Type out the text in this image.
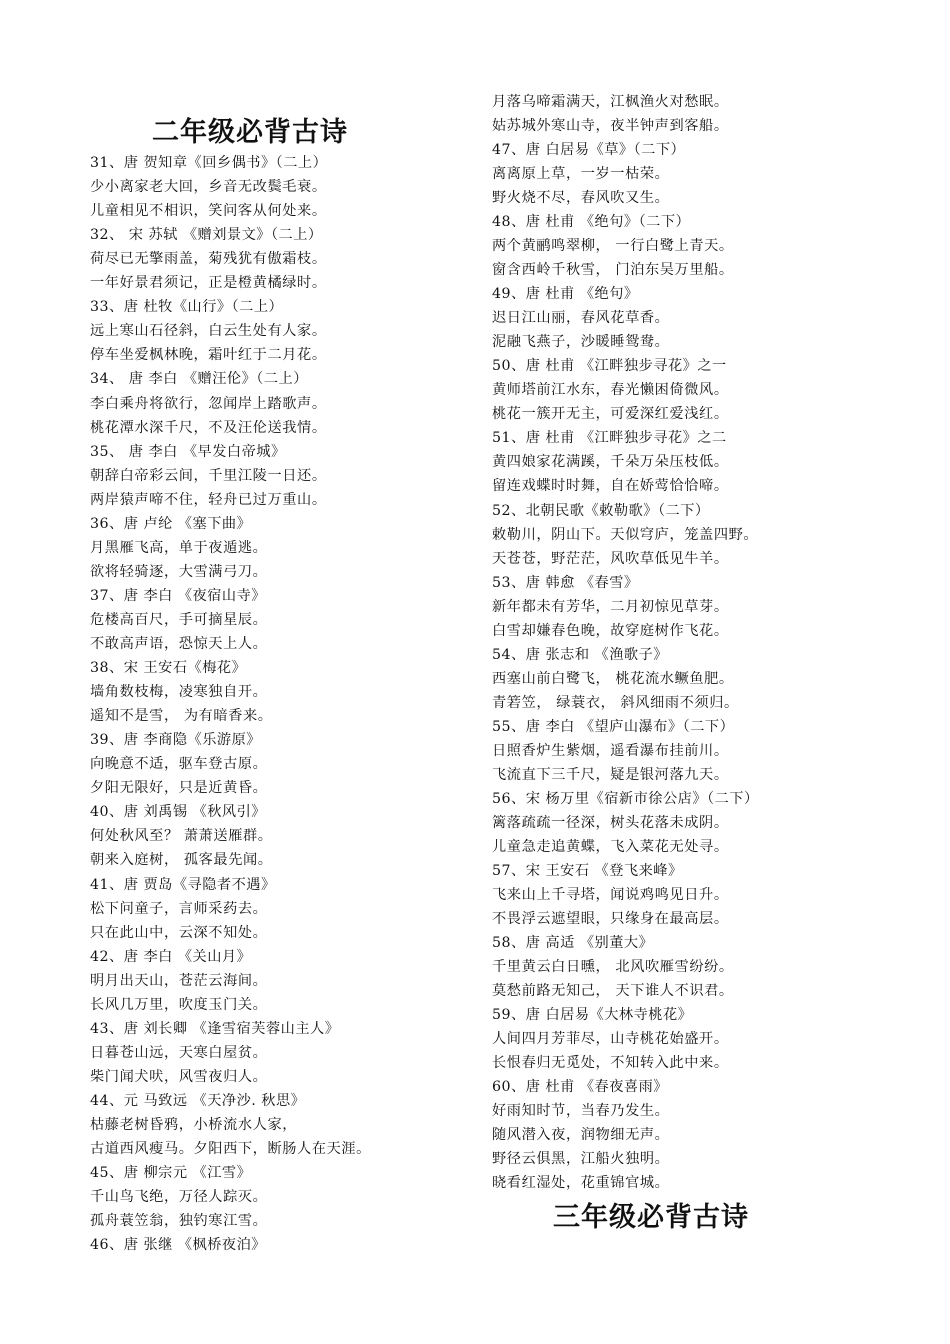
二年级必背古诗
三年级必背古诗
31、唐 贺知章《回乡偶书》（二上）
少小离家老大回，乡音无改鬓毛衰。
儿童相见不相识，笑问客从何处来。
32、 宋 苏轼 《赠刘景文》（二上）
荷尽已无擎雨盖，菊残犹有傲霜枝。
一年好景君须记，正是橙黄橘绿时。
33、唐 杜牧《山行》（二上）
远上寒山石径斜，白云生处有人家。
停车坐爱枫林晚，霜叶红于二月花。
34、 唐 李白 《赠汪伦》（二上）
李白乘舟将欲行，忽闻岸上踏歌声。
桃花潭水深千尺，不及汪伦送我情。
35、 唐 李白 《早发白帝城》
朝辞白帝彩云间，千里江陵一日还。
两岸猿声啼不住，轻舟已过万重山。
36、唐 卢纶 《塞下曲》
月黑雁飞高，单于夜遁逃。
欲将轻骑逐，大雪满弓刀。
37、唐 李白 《夜宿山寺》
危楼高百尺，手可摘星辰。
不敢高声语，恐惊天上人。
38、宋 王安石《梅花》
墙角数枝梅，凌寒独自开。
遥知不是雪， 为有暗香来。
39、唐 李商隐《乐游原》
向晚意不适，驱车登古原。
夕阳无限好，只是近黄昏。
40、唐 刘禹锡 《秋风引》
何处秋风至？ 萧萧送雁群。
朝来入庭树， 孤客最先闻。
41、唐 贾岛《寻隐者不遇》
松下问童子，言师采药去。
只在此山中，云深不知处。
42、唐 李白 《关山月》
明月出天山，苍茫云海间。
长风几万里，吹度玉门关。
43、唐 刘长卿 《逢雪宿芙蓉山主人》
日暮苍山远，天寒白屋贫。
柴门闻犬吠，风雪夜归人。
44、元 马致远 《天净沙. 秋思》
枯藤老树昏鸦，小桥流水人家，
古道西风瘦马。夕阳西下，断肠人在天涯。
45、唐 柳宗元 《江雪》
千山鸟飞绝，万径人踪灭。
孤舟蓑笠翁，独钓寒江雪。
46、唐 张继 《枫桥夜泊》
月落乌啼霜满天，江枫渔火对愁眠。
姑苏城外寒山寺，夜半钟声到客船。
47、唐 白居易《草》（二下）
离离原上草，一岁一枯荣。
野火烧不尽，春风吹又生。
48、唐 杜甫 《绝句》（二下）
两个黄鹂鸣翠柳， 一行白鹭上青天。
窗含西岭千秋雪， 门泊东吴万里船。
49、唐 杜甫 《绝句》
迟日江山丽，春风花草香。
泥融飞燕子，沙暖睡鸳鸯。
50、唐 杜甫 《江畔独步寻花》之一
黄师塔前江水东，春光懒困倚微风。
桃花一簇开无主，可爱深红爱浅红。
51、唐 杜甫 《江畔独步寻花》之二
黄四娘家花满蹊，千朵万朵压枝低。
留连戏蝶时时舞，自在娇莺恰恰啼。
52、北朝民歌《敕勒歌》（二下）
敕勒川，阴山下。天似穹庐，笼盖四野。
天苍苍，野茫茫，风吹草低见牛羊。
53、唐 韩愈 《春雪》
新年都未有芳华，二月初惊见草芽。
白雪却嫌春色晚，故穿庭树作飞花。
54、唐 张志和 《渔歌子》
西塞山前白鹭飞， 桃花流水鳜鱼肥。
青箬笠， 绿蓑衣， 斜风细雨不须归。
55、唐 李白 《望庐山瀑布》（二下）
日照香炉生紫烟，遥看瀑布挂前川。
飞流直下三千尺，疑是银河落九天。
56、宋 杨万里《宿新市徐公店》（二下）
篱落疏疏一径深，树头花落未成阴。
儿童急走追黄蝶，飞入菜花无处寻。
57、宋 王安石 《登飞来峰》
飞来山上千寻塔，闻说鸡鸣见日升。
不畏浮云遮望眼，只缘身在最高层。
58、唐 高适 《别董大》
千里黄云白日曛， 北风吹雁雪纷纷。
莫愁前路无知己， 天下谁人不识君。
59、唐 白居易《大林寺桃花》
人间四月芳菲尽，山寺桃花始盛开。
长恨春归无觅处，不知转入此中来。
60、唐 杜甫 《春夜喜雨》
好雨知时节，当春乃发生。
随风潜入夜，润物细无声。
野径云俱黑，江船火独明。
晓看红湿处，花重锦官城。
